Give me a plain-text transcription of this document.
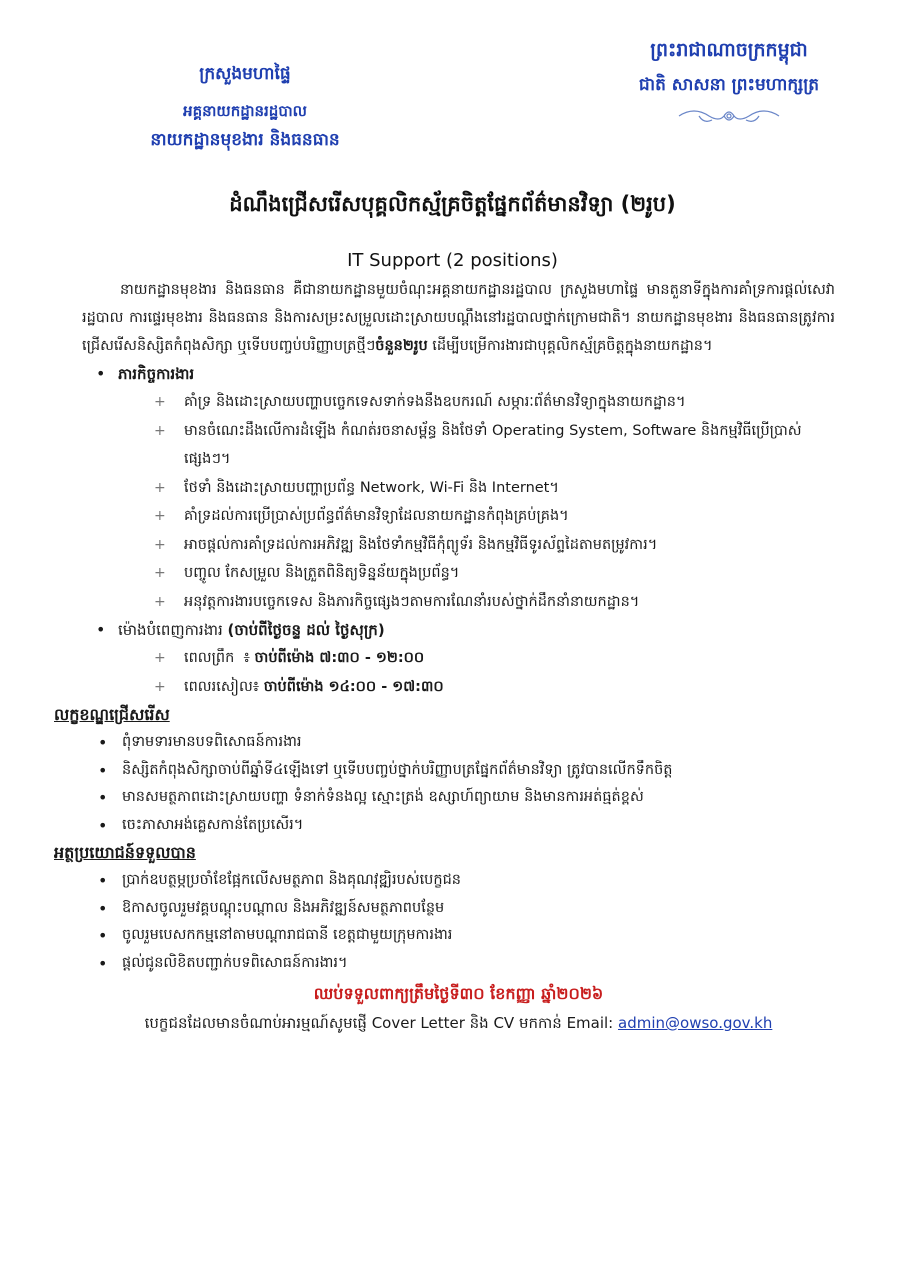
ក្រសួងមហាផ្ទៃ
អគ្គនាយកដ្ឋានរដ្ឋបាល
នាយកដ្ឋានមុខងារ និងធនធាន
ព្រះរាជាណាចក្រកម្ពុជា
ជាតិ សាសនា ព្រះមហាក្សត្រ
ដំណឹងជ្រើសរើសបុគ្គលិកស្ម័គ្រចិត្តផ្នែកព័ត៌មានវិទ្យា (២រូប)
IT Support (2 positions)

នាយកដ្ឋានមុខងារ និងធនធាន គឺជានាយកដ្ឋានមួយចំណុះអគ្គនាយកដ្ឋានរដ្ឋបាល ក្រសួងមហាផ្ទៃ មានតួនាទីក្នុងការគាំទ្រការផ្តល់សេវារដ្ឋបាល ការផ្ទេរមុខងារ និងធនធាន និងការសម្រះសម្រួលដោះស្រាយបណ្តឹងនៅរដ្ឋបាលថ្នាក់ក្រោមជាតិ។ នាយកដ្ឋានមុខងារ និងធនធានត្រូវការជ្រើសរើសនិស្សិតកំពុងសិក្សា ឬទើបបញ្ចប់បរិញ្ញាបត្រថ្មីៗចំនួន២រូប ដើម្បីបម្រើការងារជាបុគ្គលិកស្ម័គ្រចិត្តក្នុងនាយកដ្ឋាន។

• ភារកិច្ចការងារ
+ គាំទ្រ និងដោះស្រាយបញ្ហាបច្ចេកទេសទាក់ទងនឹងឧបករណ៍ សម្ភារៈព័ត៌មានវិទ្យាក្នុងនាយកដ្ឋាន។
+ មានចំណេះដឹងលើការដំឡើង កំណត់រចនាសម្ព័ន្ធ និងថែទាំ Operating System, Software និងកម្មវិធីប្រើប្រាស់ផ្សេងៗ។
+ ថែទាំ និងដោះស្រាយបញ្ហាប្រព័ន្ធ Network, Wi-Fi និង Internet។
+ គាំទ្រដល់ការប្រើប្រាស់ប្រព័ន្ធព័ត៌មានវិទ្យាដែលនាយកដ្ឋានកំពុងគ្រប់គ្រង។
+ អាចផ្តល់ការគាំទ្រដល់ការអភិវឌ្ឍ និងថែទាំកម្មវិធីកុំព្យូទ័រ និងកម្មវិធីទូរស័ព្ទដៃតាមតម្រូវការ។
+ បញ្ចូល កែសម្រួល និងត្រួតពិនិត្យទិន្នន័យក្នុងប្រព័ន្ធ។
+ អនុវត្តការងារបច្ចេកទេស និងភារកិច្ចផ្សេងៗតាមការណែនាំរបស់ថ្នាក់ដឹកនាំនាយកដ្ឋាន។
• ម៉ោងបំពេញការងារ (ចាប់ពីថ្ងៃចន្ទ ដល់ ថ្ងៃសុក្រ)
+ ពេលព្រឹក  ៖ ចាប់ពីម៉ោង ៧:៣០ - ១២:០០
+ ពេលរសៀល៖ ចាប់ពីម៉ោង ១៤:០០ - ១៧:៣០
លក្ខខណ្ឌជ្រើសរើស
• ពុំទាមទារមានបទពិសោធន៍ការងារ
• និស្សិតកំពុងសិក្សាចាប់ពីឆ្នាំទី៤ឡើងទៅ ឬទើបបញ្ចប់ថ្នាក់បរិញ្ញាបត្រផ្នែកព័ត៌មានវិទ្យា ត្រូវបានលើកទឹកចិត្ត
• មានសមត្ថភាពដោះស្រាយបញ្ហា ទំនាក់ទំនងល្អ ស្មោះត្រង់ ឧស្សាហ៍ព្យាយាម និងមានការអត់ធ្មត់ខ្ពស់
• ចេះភាសាអង់គ្លេសកាន់តែប្រសើរ។
អត្ថប្រយោជន៍ទទួលបាន
• ប្រាក់ឧបត្ថម្ភប្រចាំខែផ្អែកលើសមត្ថភាព និងគុណវុឌ្ឍិរបស់បេក្ខជន
• ឱកាសចូលរួមវគ្គបណ្តុះបណ្តាល និងអភិវឌ្ឍន៍សមត្ថភាពបន្ថែម
• ចូលរួមបេសកកម្មនៅតាមបណ្តារាជធានី ខេត្តជាមួយក្រុមការងារ
• ផ្តល់ជូនលិខិតបញ្ជាក់បទពិសោធន៍ការងារ។
ឈប់ទទួលពាក្យត្រឹមថ្ងៃទី៣០ ខែកញ្ញា ឆ្នាំ២០២៦
បេក្ខជនដែលមានចំណាប់អារម្មណ៍សូមផ្ញើ Cover Letter និង CV មកកាន់ Email: admin@owso.gov.kh
